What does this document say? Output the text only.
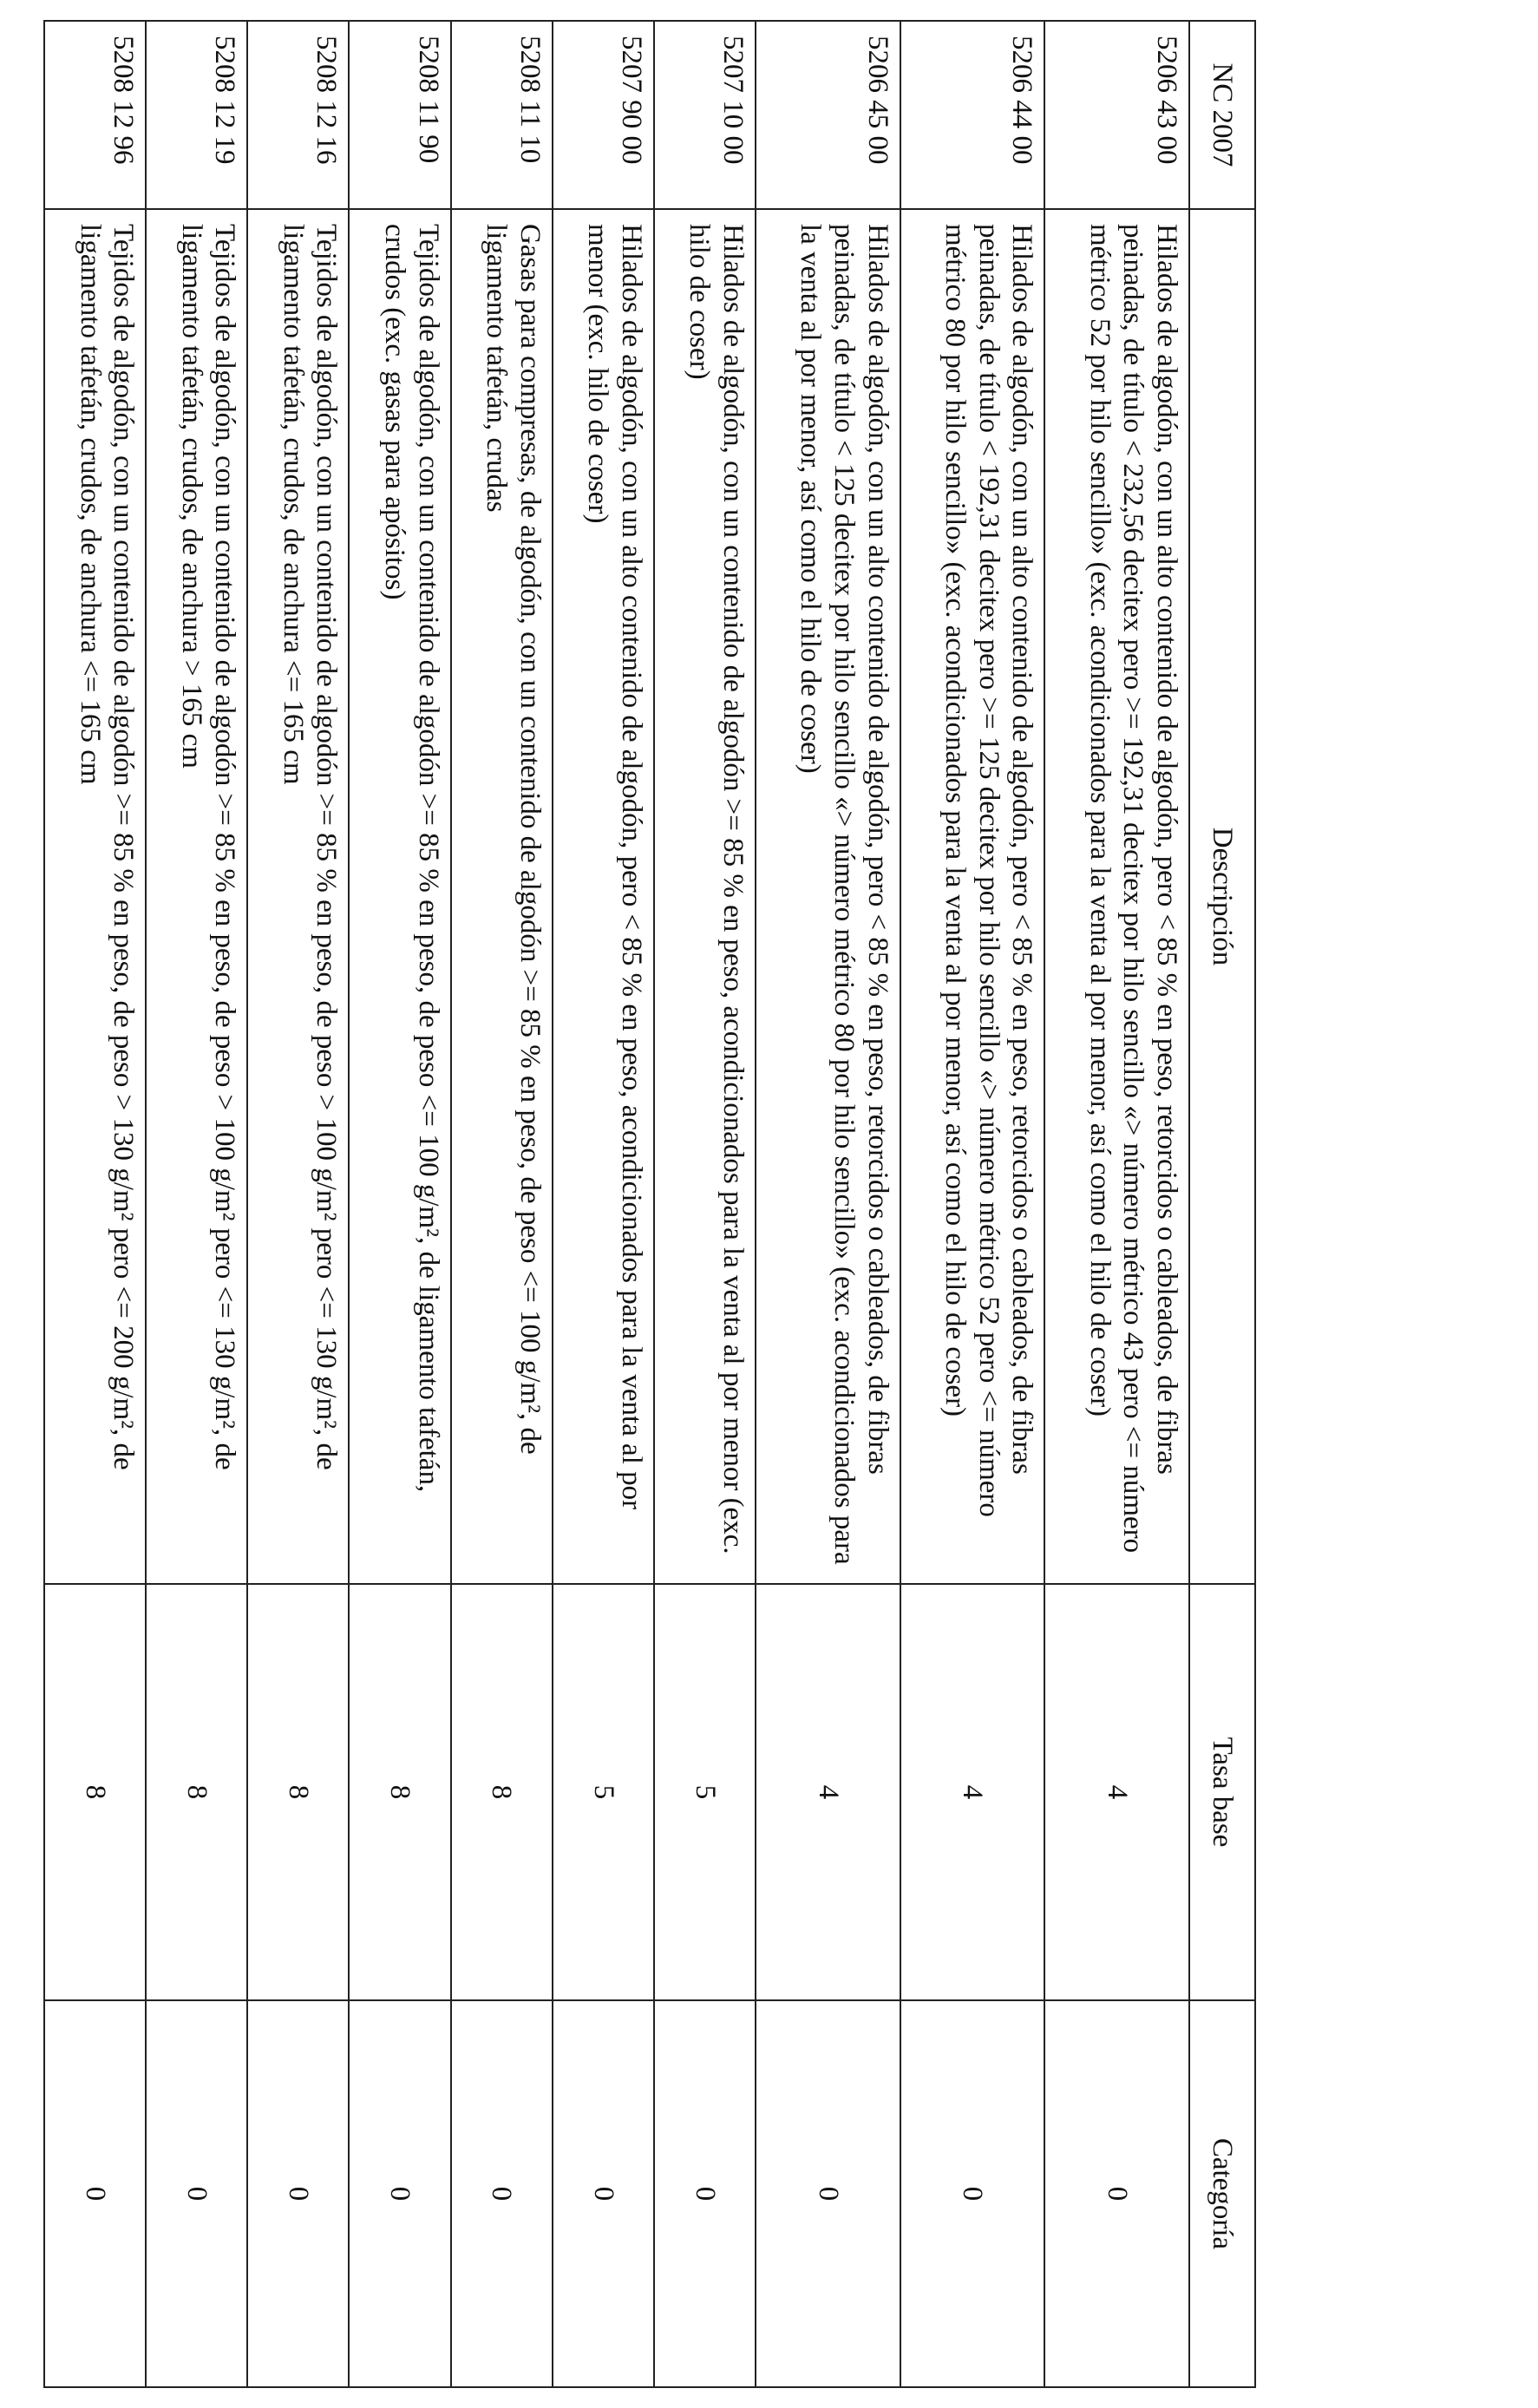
NC 2007	Descripción	Tasa base	Categoría
5206 43 00	Hilados de algodón, con un alto contenido de algodón, pero < 85 % en peso, retorcidos o cableados, de fibras peinadas, de título < 232,56 decitex pero >= 192,31 decitex por hilo sencillo «> número métrico 43 pero <= número métrico 52 por hilo sencillo» (exc. acondicionados para la venta al por menor, así como el hilo de coser)	4	0
5206 44 00	Hilados de algodón, con un alto contenido de algodón, pero < 85 % en peso, retorcidos o cableados, de fibras peinadas, de título < 192,31 decitex pero >= 125 decitex por hilo sencillo «> número métrico 52 pero <= número métrico 80 por hilo sencillo» (exc. acondicionados para la venta al por menor, así como el hilo de coser)	4	0
5206 45 00	Hilados de algodón, con un alto contenido de algodón, pero < 85 % en peso, retorcidos o cableados, de fibras peinadas, de título < 125 decitex por hilo sencillo «> número métrico 80 por hilo sencillo» (exc. acondicionados para la venta al por menor, así como el hilo de coser)	4	0
5207 10 00	Hilados de algodón, con un contenido de algodón >= 85 % en peso, acondicionados para la venta al por menor (exc. hilo de coser)	5	0
5207 90 00	Hilados de algodón, con un alto contenido de algodón, pero < 85 % en peso, acondicionados para la venta al por menor (exc. hilo de coser)	5	0
5208 11 10	Gasas para compresas, de algodón, con un contenido de algodón >= 85 % en peso, de peso <= 100 g/m², de ligamento tafetán, crudas	8	0
5208 11 90	Tejidos de algodón, con un contenido de algodón >= 85 % en peso, de peso <= 100 g/m², de ligamento tafetán, crudos (exc. gasas para apósitos)	8	0
5208 12 16	Tejidos de algodón, con un contenido de algodón >= 85 % en peso, de peso > 100 g/m² pero <= 130 g/m², de ligamento tafetán, crudos, de anchura <= 165 cm	8	0
5208 12 19	Tejidos de algodón, con un contenido de algodón >= 85 % en peso, de peso > 100 g/m² pero <= 130 g/m², de ligamento tafetán, crudos, de anchura > 165 cm	8	0
5208 12 96	Tejidos de algodón, con un contenido de algodón >= 85 % en peso, de peso > 130 g/m² pero <= 200 g/m², de ligamento tafetán, crudos, de anchura <= 165 cm	8	0
